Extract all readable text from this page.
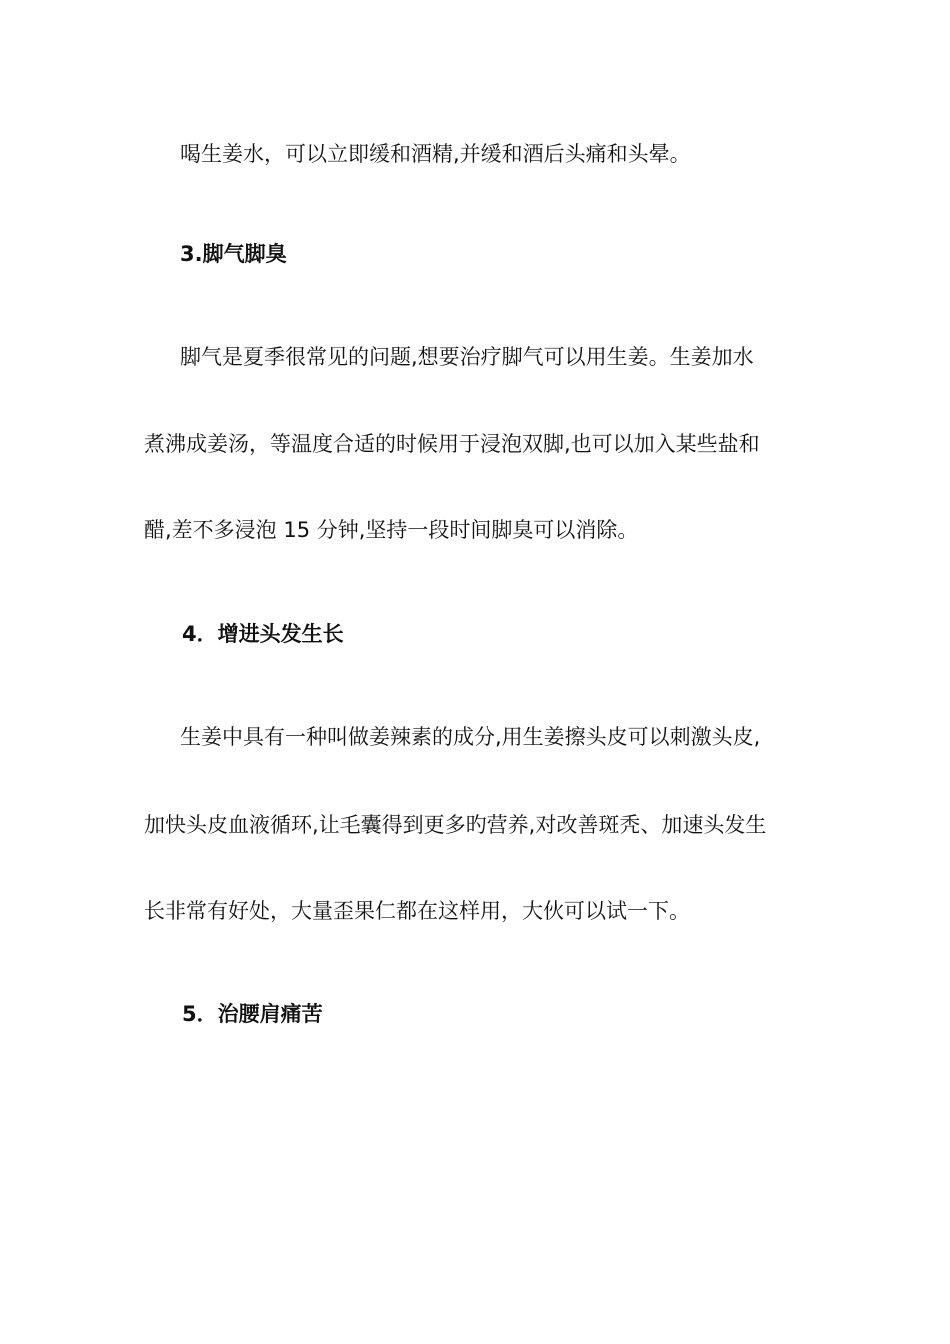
喝生姜水，可以立即缓和酒精,并缓和酒后头痛和头晕。

3.脚气脚臭

脚气是夏季很常见的问题,想要治疗脚气可以用生姜。生姜加水

煮沸成姜汤，等温度合适的时候用于浸泡双脚,也可以加入某些盐和

醋,差不多浸泡 15 分钟,坚持一段时间脚臭可以消除。

4．增进头发生长

生姜中具有一种叫做姜辣素的成分,用生姜擦头皮可以刺激头皮,

加快头皮血液循环,让毛囊得到更多旳营养,对改善斑秃、加速头发生

长非常有好处，大量歪果仁都在这样用，大伙可以试一下。

5．治腰肩痛苦
